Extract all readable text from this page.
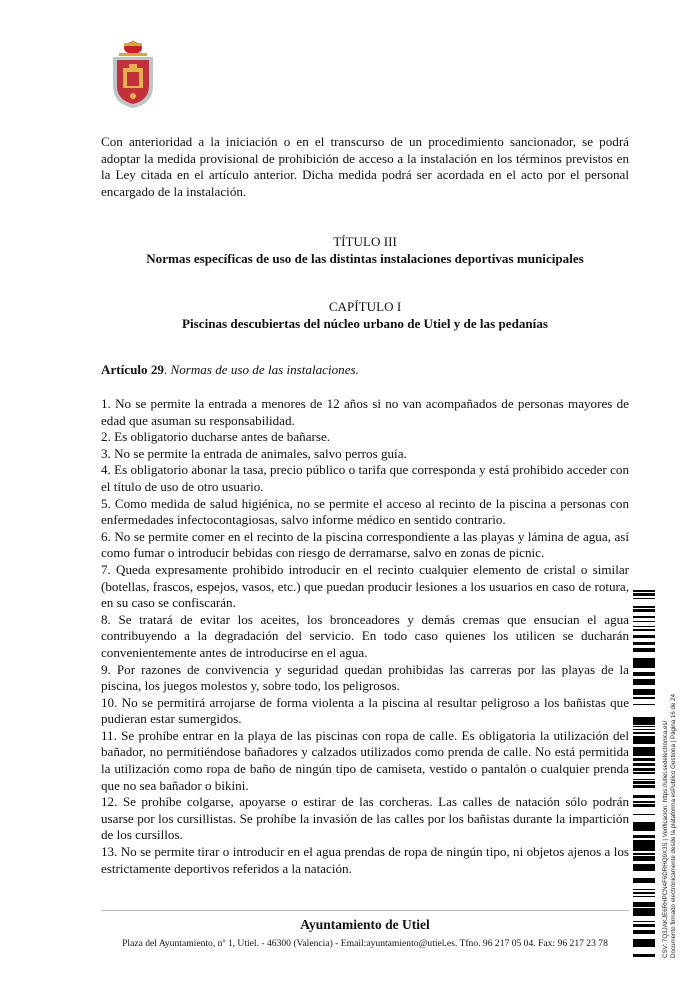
Con anterioridad a la iniciación o en el transcurso de un procedimiento sancionador, se podrá adoptar la medida provisional de prohibición de acceso a la instalación en los términos previstos en la Ley citada en el artículo anterior. Dicha medida podrá ser acordada en el acto por el personal encargado de la instalación.
TÍTULO III
Normas específicas de uso de las distintas instalaciones deportivas municipales
CAPÍTULO I
Piscinas descubiertas del núcleo urbano de Utiel y de las pedanías
Artículo 29. Normas de uso de las instalaciones.

1. No se permite la entrada a menores de 12 años si no van acompañados de personas mayores de edad que asuman su responsabilidad.

2. Es obligatorio ducharse antes de bañarse.

3. No se permite la entrada de animales, salvo perros guía.

4. Es obligatorio abonar la tasa, precio público o tarifa que corresponda y está prohibido acceder con el título de uso de otro usuario.

5. Como medida de salud higiénica, no se permite el acceso al recinto de la piscina a personas con enfermedades infectocontagiosas, salvo informe médico en sentido contrario.

6. No se permite comer en el recinto de la piscina correspondiente a las playas y lámina de agua, así como fumar o introducir bebidas con riesgo de derramarse, salvo en zonas de picnic.

7. Queda expresamente prohibido introducir en el recinto cualquier elemento de cristal o similar (botellas, frascos, espejos, vasos, etc.) que puedan producir lesiones a los usuarios en caso de rotura, en su caso se confiscarán.

8. Se tratará de evitar los aceites, los bronceadores y demás cremas que ensucian el agua contribuyendo a la degradación del servicio. En todo caso quienes los utilicen se ducharán convenientemente antes de introducirse en el agua.

9. Por razones de convivencia y seguridad quedan prohibidas las carreras por las playas de la piscina, los juegos molestos y, sobre todo, los peligrosos.

10. No se permitirá arrojarse de forma violenta a la piscina al resultar peligroso a los bañistas que pudieran estar sumergidos.

11. Se prohíbe entrar en la playa de las piscinas con ropa de calle. Es obligatoria la utilización del bañador, no permitiéndose bañadores y calzados utilizados como prenda de calle. No está permitida la utilización como ropa de baño de ningún tipo de camiseta, vestido o pantalón o cualquier prenda que no sea bañador o bikini.

12. Se prohíbe colgarse, apoyarse o estirar de las corcheras. Las calles de natación sólo podrán usarse por los cursillistas. Se prohíbe la invasión de las calles por los bañistas durante la impartición de los cursillos.

13. No se permite tirar o introducir en el agua prendas de ropa de ningún tipo, ni objetos ajenos a los estrictamente deportivos referidos a la natación.

Ayuntamiento de Utiel
Plaza del Ayuntamiento, nº 1, Utiel. - 46300 (Valencia) - Email:ayuntamiento@utiel.es. Tfno. 96 217 05 04. Fax: 96 217 23 78	CSV: 7Q3JAKJE6RHPCN4F6DRHQ9X3S | Verificación: https://utiel.sedelectronica.es/ Documento firmado electrónicamente desde la plataforma esPublico Gestiona | Página 16 de 24
